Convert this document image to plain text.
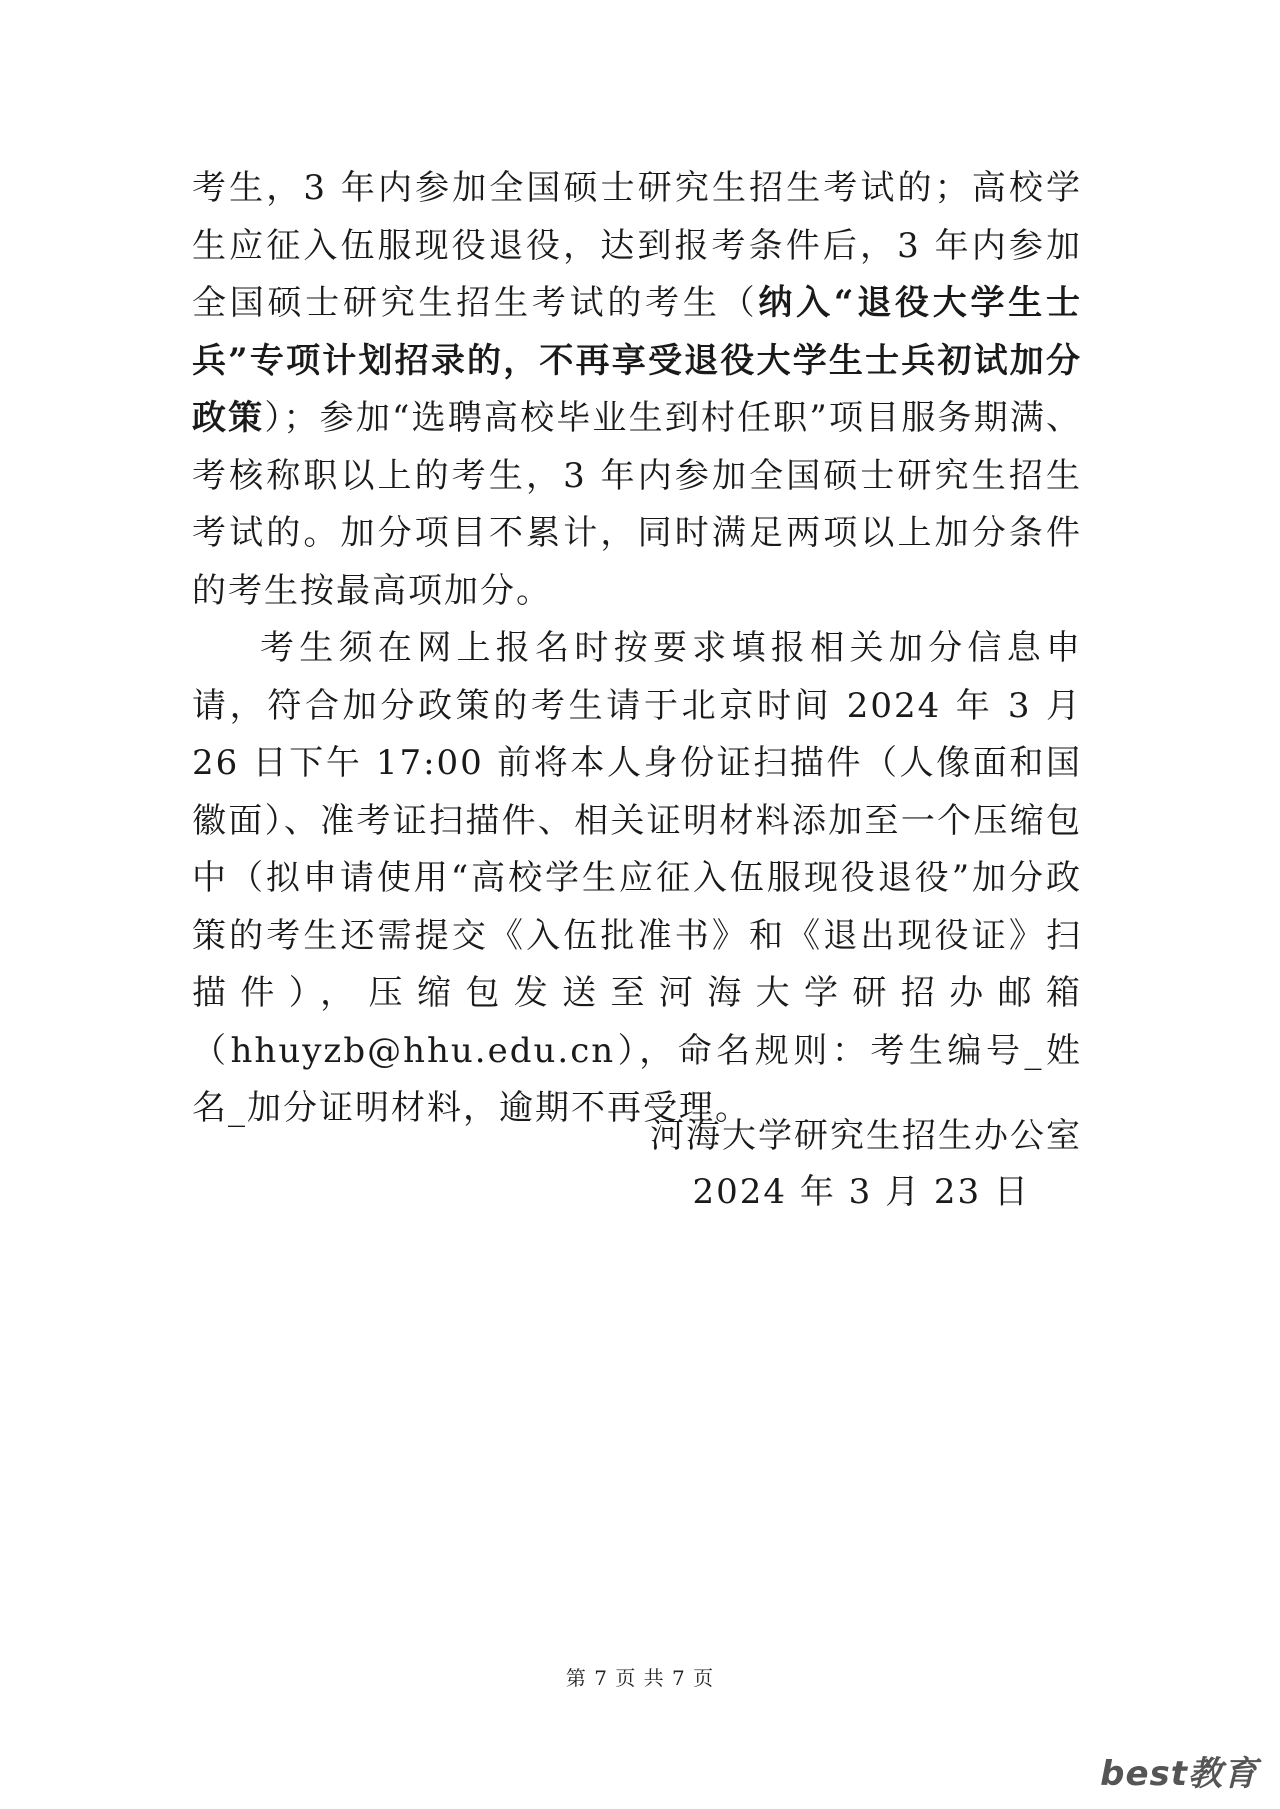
考生，3 年内参加全国硕士研究生招生考试的；高校学生应征入伍服现役退役，达到报考条件后，3 年内参加全国硕士研究生招生考试的考生（纳入“退役大学生士兵”专项计划招录的，不再享受退役大学生士兵初试加分政策）；参加“选聘高校毕业生到村任职”项目服务期满、考核称职以上的考生，3 年内参加全国硕士研究生招生考试的。加分项目不累计，同时满足两项以上加分条件的考生按最高项加分。

考生须在网上报名时按要求填报相关加分信息申请，符合加分政策的考生请于北京时间 2024 年 3 月 26 日下午 17:00 前将本人身份证扫描件（人像面和国徽面）、准考证扫描件、相关证明材料添加至一个压缩包中（拟申请使用“高校学生应征入伍服现役退役”加分政策的考生还需提交《入伍批准书》和《退出现役证》扫描件），压缩包发送至河海大学研招办邮箱（hhuyzb@hhu.edu.cn），命名规则：考生编号_姓名_加分证明材料，逾期不再受理。

河海大学研究生招生办公室
2024 年 3 月 23 日
第 7 页 共 7 页
best教育
